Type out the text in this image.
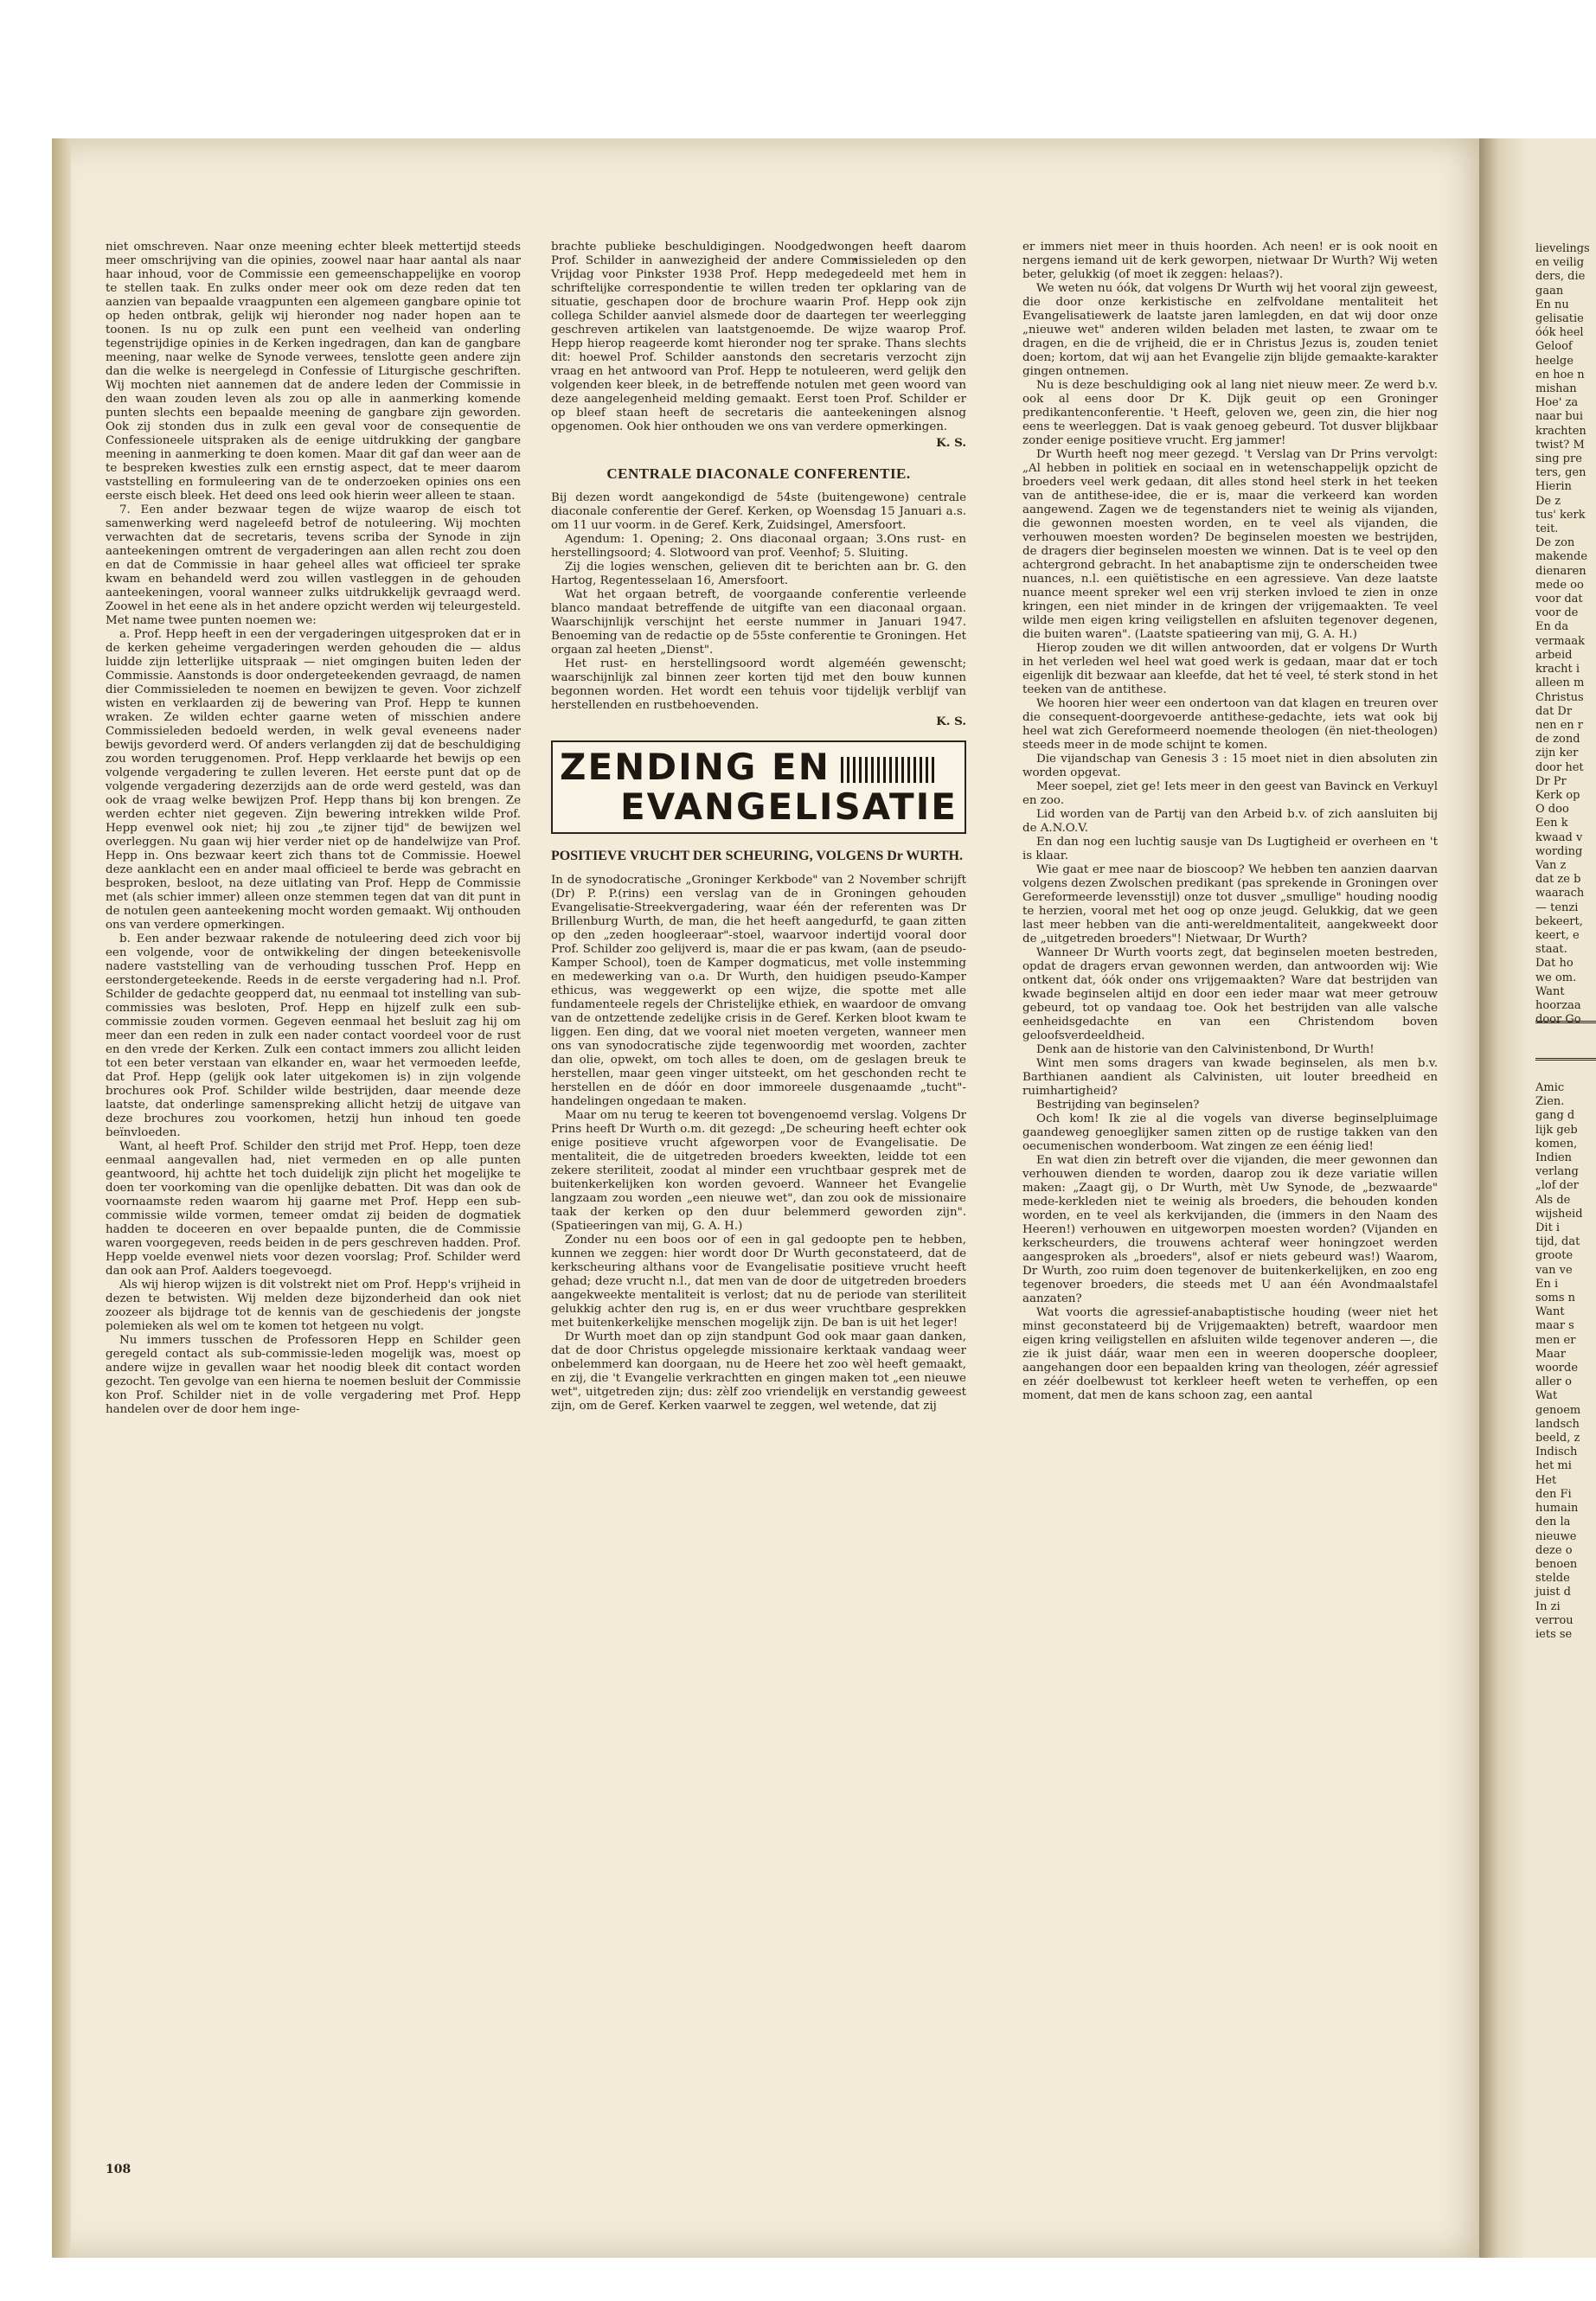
niet omschreven. Naar onze meening echter bleek mettertijd steeds meer omschrijving van die opinies, zoowel naar haar aantal als naar haar inhoud, voor de Commissie een gemeenschappelijke en voorop te stellen taak. En zulks onder meer ook om deze reden dat ten aanzien van bepaalde vraagpunten een algemeen gangbare opinie tot op heden ontbrak, gelijk wij hieronder nog nader hopen aan te toonen. Is nu op zulk een punt een veelheid van onderling tegenstrijdige opinies in de Kerken ingedragen, dan kan de gangbare meening, naar welke de Synode verwees, tenslotte geen andere zijn dan die welke is neergelegd in Confessie of Liturgische geschriften. Wij mochten niet aannemen dat de andere leden der Commissie in den waan zouden leven als zou op alle in aanmerking komende punten slechts een bepaalde meening de gangbare zijn geworden. Ook zij stonden dus in zulk een geval voor de consequentie de Confessioneele uitspraken als de eenige uitdrukking der gangbare meening in aanmerking te doen komen. Maar dit gaf dan weer aan de te bespreken kwesties zulk een ernstig aspect, dat te meer daarom vaststelling en formuleering van de te onderzoeken opinies ons een eerste eisch bleek. Het deed ons leed ook hierin weer alleen te staan.

7. Een ander bezwaar tegen de wijze waarop de eisch tot samenwerking werd nageleefd betrof de notuleering. Wij mochten verwachten dat de secretaris, tevens scriba der Synode in zijn aanteekeningen omtrent de vergaderingen aan allen recht zou doen en dat de Commissie in haar geheel alles wat officieel ter sprake kwam en behandeld werd zou willen vastleggen in de gehouden aanteekeningen, vooral wanneer zulks uitdrukkelijk gevraagd werd. Zoowel in het eene als in het andere opzicht werden wij teleurgesteld. Met name twee punten noemen we:

a. Prof. Hepp heeft in een der vergaderingen uitgesproken dat er in de kerken geheime vergaderingen werden gehouden die — aldus luidde zijn letterlijke uitspraak — niet omgingen buiten leden der Commissie. Aanstonds is door ondergeteekenden gevraagd, de namen dier Commissieleden te noemen en bewijzen te geven. Voor zichzelf wisten en verklaarden zij de bewering van Prof. Hepp te kunnen wraken. Ze wilden echter gaarne weten of misschien andere Commissieleden bedoeld werden, in welk geval eveneens nader bewijs gevorderd werd. Of anders verlangden zij dat de beschuldiging zou worden teruggenomen. Prof. Hepp verklaarde het bewijs op een volgende vergadering te zullen leveren. Het eerste punt dat op de volgende vergadering dezerzijds aan de orde werd gesteld, was dan ook de vraag welke bewijzen Prof. Hepp thans bij kon brengen. Ze werden echter niet gegeven. Zijn bewering intrekken wilde Prof. Hepp evenwel ook niet; hij zou „te zijner tijd" de bewijzen wel overleggen. Nu gaan wij hier verder niet op de handelwijze van Prof. Hepp in. Ons bezwaar keert zich thans tot de Commissie. Hoewel deze aanklacht een en ander maal officieel te berde was gebracht en besproken, besloot, na deze uitlating van Prof. Hepp de Commissie met (als schier immer) alleen onze stemmen tegen dat van dit punt in de notulen geen aanteekening mocht worden gemaakt. Wij onthouden ons van verdere opmerkingen.

b. Een ander bezwaar rakende de notuleering deed zich voor bij een volgende, voor de ontwikkeling der dingen beteekenisvolle nadere vaststelling van de verhouding tusschen Prof. Hepp en eerstondergeteekende. Reeds in de eerste vergadering had n.l. Prof. Schilder de gedachte geopperd dat, nu eenmaal tot instelling van sub-commissies was besloten, Prof. Hepp en hijzelf zulk een sub-commissie zouden vormen. Gegeven eenmaal het besluit zag hij om meer dan een reden in zulk een nader contact voordeel voor de rust en den vrede der Kerken. Zulk een contact immers zou allicht leiden tot een beter verstaan van elkander en, waar het vermoeden leefde, dat Prof. Hepp (gelijk ook later uitgekomen is) in zijn volgende brochures ook Prof. Schilder wilde bestrijden, daar meende deze laatste, dat onderlinge samenspreking allicht hetzij de uitgave van deze brochures zou voorkomen, hetzij hun inhoud ten goede beïnvloeden.

Want, al heeft Prof. Schilder den strijd met Prof. Hepp, toen deze eenmaal aangevallen had, niet vermeden en op alle punten geantwoord, hij achtte het toch duidelijk zijn plicht het mogelijke te doen ter voorkoming van die openlijke debatten. Dit was dan ook de voornaamste reden waarom hij gaarne met Prof. Hepp een sub-commissie wilde vormen, temeer omdat zij beiden de dogmatiek hadden te doceeren en over bepaalde punten, die de Commissie waren voorgegeven, reeds beiden in de pers geschreven hadden. Prof. Hepp voelde evenwel niets voor dezen voorslag; Prof. Schilder werd dan ook aan Prof. Aalders toegevoegd.

Als wij hierop wijzen is dit volstrekt niet om Prof. Hepp's vrijheid in dezen te betwisten. Wij melden deze bijzonderheid dan ook niet zoozeer als bijdrage tot de kennis van de geschiedenis der jongste polemieken als wel om te komen tot hetgeen nu volgt.

Nu immers tusschen de Professoren Hepp en Schilder geen geregeld contact als sub-commissie-leden mogelijk was, moest op andere wijze in gevallen waar het noodig bleek dit contact worden gezocht. Ten gevolge van een hierna te noemen besluit der Commissie kon Prof. Schilder niet in de volle vergadering met Prof. Hepp handelen over de door hem inge-

brachte publieke beschuldigingen. Noodgedwongen heeft daarom Prof. Schilder in aanwezigheid der andere Commissieleden op den Vrijdag voor Pinkster 1938 Prof. Hepp medegedeeld met hem in schriftelijke correspondentie te willen treden ter opklaring van de situatie, geschapen door de brochure waarin Prof. Hepp ook zijn collega Schilder aanviel alsmede door de daartegen ter weerlegging geschreven artikelen van laatstgenoemde. De wijze waarop Prof. Hepp hierop reageerde komt hieronder nog ter sprake. Thans slechts dit: hoewel Prof. Schilder aanstonds den secretaris verzocht zijn vraag en het antwoord van Prof. Hepp te notuleeren, werd gelijk den volgenden keer bleek, in de betreffende notulen met geen woord van deze aangelegenheid melding gemaakt. Eerst toen Prof. Schilder er op bleef staan heeft de secretaris die aanteekeningen alsnog opgenomen. Ook hier onthouden we ons van verdere opmerkingen.

K. S.

CENTRALE DIACONALE CONFERENTIE.

Bij dezen wordt aangekondigd de 54ste (buitengewone) centrale diaconale conferentie der Geref. Kerken, op Woensdag 15 Januari a.s. om 11 uur voorm. in de Geref. Kerk, Zuidsingel, Amersfoort.

Agendum: 1. Opening; 2. Ons diaconaal orgaan; 3.Ons rust- en herstellingsoord; 4. Slotwoord van prof. Veenhof; 5. Sluiting.

Zij die logies wenschen, gelieven dit te berichten aan br. G. den Hartog, Regentesselaan 16, Amersfoort.

Wat het orgaan betreft, de voorgaande conferentie verleende blanco mandaat betreffende de uitgifte van een diaconaal orgaan. Waarschijnlijk verschijnt het eerste nummer in Januari 1947. Benoeming van de redactie op de 55ste conferentie te Groningen. Het orgaan zal heeten „Dienst".

Het rust- en herstellingsoord wordt algeméén gewenscht; waarschijnlijk zal binnen zeer korten tijd met den bouw kunnen begonnen worden. Het wordt een tehuis voor tijdelijk verblijf van herstellenden en rustbehoevenden.

K. S.

ZENDING EN
EVANGELISATIE

POSITIEVE VRUCHT DER SCHEURING, VOLGENS Dr WURTH.

In de synodocratische „Groninger Kerkbode" van 2 November schrijft (Dr) P. P.(rins) een verslag van de in Groningen gehouden Evangelisatie-Streekvergadering, waar één der referenten was Dr Brillenburg Wurth, de man, die het heeft aangedurfd, te gaan zitten op den „zeden hoogleeraar"-stoel, waarvoor indertijd vooral door Prof. Schilder zoo gelijverd is, maar die er pas kwam, (aan de pseudo-Kamper School), toen de Kamper dogmaticus, met volle instemming en medewerking van o.a. Dr Wurth, den huidigen pseudo-Kamper ethicus, was weggewerkt op een wijze, die spotte met alle fundamenteele regels der Christelijke ethiek, en waardoor de omvang van de ontzettende zedelijke crisis in de Geref. Kerken bloot kwam te liggen. Een ding, dat we vooral niet moeten vergeten, wanneer men ons van synodocratische zijde tegenwoordig met woorden, zachter dan olie, opwekt, om toch alles te doen, om de geslagen breuk te herstellen, maar geen vinger uitsteekt, om het geschonden recht te herstellen en de dóór en door immoreele dusgenaamde „tucht"-handelingen ongedaan te maken.

Maar om nu terug te keeren tot bovengenoemd verslag. Volgens Dr Prins heeft Dr Wurth o.m. dit gezegd: „De scheuring heeft echter ook enige positieve vrucht afgeworpen voor de Evangelisatie. De mentaliteit, die de uitgetreden broeders kweekten, leidde tot een zekere steriliteit, zoodat al minder een vruchtbaar gesprek met de buitenkerkelijken kon worden gevoerd. Wanneer het Evangelie langzaam zou worden „een nieuwe wet", dan zou ook de missionaire taak der kerken op den duur belemmerd geworden zijn". (Spatieeringen van mij, G. A. H.)

Zonder nu een boos oor of een in gal gedoopte pen te hebben, kunnen we zeggen: hier wordt door Dr Wurth geconstateerd, dat de kerkscheuring althans voor de Evangelisatie positieve vrucht heeft gehad; deze vrucht n.l., dat men van de door de uitgetreden broeders aangekweekte mentaliteit is verlost; dat nu de periode van steriliteit gelukkig achter den rug is, en er dus weer vruchtbare gesprekken met buitenkerkelijke menschen mogelijk zijn. De ban is uit het leger!

Dr Wurth moet dan op zijn standpunt God ook maar gaan danken, dat de door Christus opgelegde missionaire kerktaak vandaag weer onbelemmerd kan doorgaan, nu de Heere het zoo wèl heeft gemaakt, en zij, die 't Evangelie verkrachtten en gingen maken tot „een nieuwe wet", uitgetreden zijn; dus: zèlf zoo vriendelijk en verstandig geweest zijn, om de Geref. Kerken vaarwel te zeggen, wel wetende, dat zij

er immers niet meer in thuis hoorden. Ach neen! er is ook nooit en nergens iemand uit de kerk geworpen, nietwaar Dr Wurth? Wij weten beter, gelukkig (of moet ik zeggen: helaas?).

We weten nu óók, dat volgens Dr Wurth wij het vooral zijn geweest, die door onze kerkistische en zelfvoldane mentaliteit het Evangelisatiewerk de laatste jaren lamlegden, en dat wij door onze „nieuwe wet" anderen wilden beladen met lasten, te zwaar om te dragen, en die de vrijheid, die er in Christus Jezus is, zouden teniet doen; kortom, dat wij aan het Evangelie zijn blijde gemaakte-karakter gingen ontnemen.

Nu is deze beschuldiging ook al lang niet nieuw meer. Ze werd b.v. ook al eens door Dr K. Dijk geuit op een Groninger predikantenconferentie. 't Heeft, geloven we, geen zin, die hier nog eens te weerleggen. Dat is vaak genoeg gebeurd. Tot dusver blijkbaar zonder eenige positieve vrucht. Erg jammer!

Dr Wurth heeft nog meer gezegd. 't Verslag van Dr Prins vervolgt: „Al hebben in politiek en sociaal en in wetenschappelijk opzicht de broeders veel werk gedaan, dit alles stond heel sterk in het teeken van de antithese-idee, die er is, maar die verkeerd kan worden aangewend. Zagen we de tegenstanders niet te weinig als vijanden, die gewonnen moesten worden, en te veel als vijanden, die verhouwen moesten worden? De beginselen moesten we bestrijden, de dragers dier beginselen moesten we winnen. Dat is te veel op den achtergrond gebracht. In het anabaptisme zijn te onderscheiden twee nuances, n.l. een quiëtistische en een agressieve. Van deze laatste nuance meent spreker wel een vrij sterken invloed te zien in onze kringen, een niet minder in de kringen der vrijgemaakten. Te veel wilde men eigen kring veiligstellen en afsluiten tegenover degenen, die buiten waren". (Laatste spatieering van mij, G. A. H.)

Hierop zouden we dit willen antwoorden, dat er volgens Dr Wurth in het verleden wel heel wat goed werk is gedaan, maar dat er toch eigenlijk dit bezwaar aan kleefde, dat het té veel, té sterk stond in het teeken van de antithese.

We hooren hier weer een ondertoon van dat klagen en treuren over die consequent-doorgevoerde antithese-gedachte, iets wat ook bij heel wat zich Gereformeerd noemende theologen (ën niet-theologen) steeds meer in de mode schijnt te komen.

Die vijandschap van Genesis 3 : 15 moet niet in dien absoluten zin worden opgevat.

Meer soepel, ziet ge! Iets meer in den geest van Bavinck en Verkuyl en zoo.

Lid worden van de Partij van den Arbeid b.v. of zich aansluiten bij de A.N.O.V.

En dan nog een luchtig sausje van Ds Lugtigheid er overheen en 't is klaar.

Wie gaat er mee naar de bioscoop? We hebben ten aanzien daarvan volgens dezen Zwolschen predikant (pas sprekende in Groningen over Gereformeerde levensstijl) onze tot dusver „smullige" houding noodig te herzien, vooral met het oog op onze jeugd. Gelukkig, dat we geen last meer hebben van die anti-wereldmentaliteit, aangekweekt door de „uitgetreden broeders"! Nietwaar, Dr Wurth?

Wanneer Dr Wurth voorts zegt, dat beginselen moeten bestreden, opdat de dragers ervan gewonnen werden, dan antwoorden wij: Wie ontkent dat, óók onder ons vrijgemaakten? Ware dat bestrijden van kwade beginselen altijd en door een ieder maar wat meer getrouw gebeurd, tot op vandaag toe. Ook het bestrijden van alle valsche eenheidsgedachte en van een Christendom boven geloofsverdeeldheid.

Denk aan de historie van den Calvinistenbond, Dr Wurth!

Wint men soms dragers van kwade beginselen, als men b.v. Barthianen aandient als Calvinisten, uit louter breedheid en ruimhartigheid?

Bestrijding van beginselen?

Och kom! Ik zie al die vogels van diverse beginselpluimage gaandeweg genoeglijker samen zitten op de rustige takken van den oecumenischen wonderboom. Wat zingen ze een éénig lied!

En wat dien zin betreft over die vijanden, die meer gewonnen dan verhouwen dienden te worden, daarop zou ik deze variatie willen maken: „Zaagt gij, o Dr Wurth, mèt Uw Synode, de „bezwaarde" mede-kerkleden niet te weinig als broeders, die behouden konden worden, en te veel als kerkvijanden, die (immers in den Naam des Heeren!) verhouwen en uitgeworpen moesten worden? (Vijanden en kerkscheurders, die trouwens achteraf weer honingzoet werden aangesproken als „broeders", alsof er niets gebeurd was!) Waarom, Dr Wurth, zoo ruim doen tegenover de buitenkerkelijken, en zoo eng tegenover broeders, die steeds met U aan één Avondmaalstafel aanzaten?

Wat voorts die agressief-anabaptistische houding (weer niet het minst geconstateerd bij de Vrijgemaakten) betreft, waardoor men eigen kring veiligstellen en afsluiten wilde tegenover anderen —, die zie ik juist dáár, waar men een in weeren doopersche doopleer, aangehangen door een bepaalden kring van theologen, zéér agressief en zéér doelbewust tot kerkleer heeft weten te verheffen, op een moment, dat men de kans schoon zag, een aantal

108
lievelings
en veilig
ders, die
gaan
En nu
gelisatie
óók heel
Geloof
heelge
en hoe n
mishan
Hoe' za
naar bui
krachten
twist? M
sing pre
ters, gen
Hierin
De z
tus' kerk
teit.
De zon
makende
dienaren
mede oo
voor dat
voor de
En da
vermaak
arbeid
kracht i
alleen m
Christus
dat Dr
nen en r
de zond
zijn ker
door het
Dr Pr
Kerk op
O doo
Een k
kwaad v
wording
Van z
dat ze b
waarach
— tenzi
bekeert,
keert, e
staat.
Dat ho
we om.
Want
hoorzaa
door Go
Amic
Zien.
gang d
lijk geb
komen,
Indien
verlang
„lof der
Als de
wijsheid
Dit i
tijd, dat
groote
van ve
En i
soms n
Want
maar s
men er
Maar
woorde
aller o
Wat
genoem
landsch
beeld, z
Indisch
het mi
Het
den Fi
humain
den la
nieuwe
deze o
benoen
stelde
juist d
In zi
verrou
iets se
